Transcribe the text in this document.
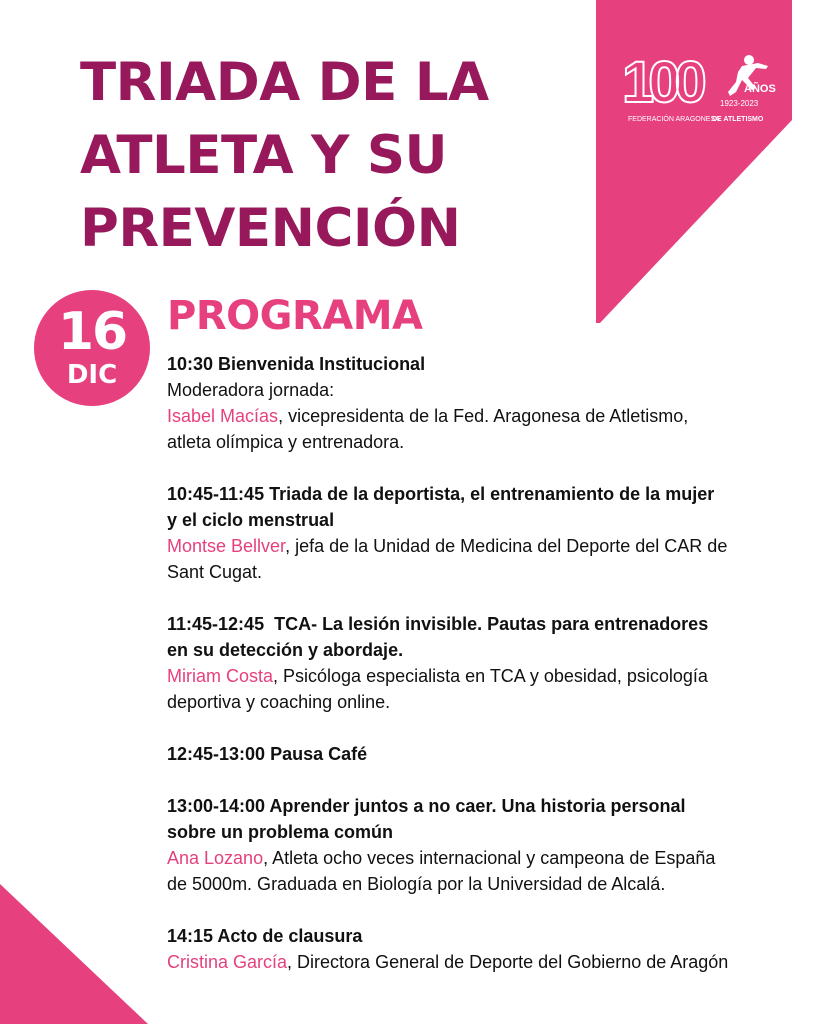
100	AÑOS
1923-2023
FEDERACIÓN ARAGONESA
DE ATLETISMO
TRIADA DE LA
ATLETA Y SU
PREVENCIÓN
16
DIC
PROGRAMA
10:30 Bienvenida Institucional
Moderadora jornada:
Isabel Macías, vicepresidenta de la Fed. Aragonesa de Atletismo,
atleta olímpica y entrenadora.
10:45-11:45 Triada de la deportista, el entrenamiento de la mujer
y el ciclo menstrual
Montse Bellver, jefa de la Unidad de Medicina del Deporte del CAR de
Sant Cugat.
11:45-12:45  TCA- La lesión invisible. Pautas para entrenadores
en su detección y abordaje.
Miriam Costa, Psicóloga especialista en TCA y obesidad, psicología
deportiva y coaching online.
12:45-13:00 Pausa Café
13:00-14:00 Aprender juntos a no caer. Una historia personal
sobre un problema común
Ana Lozano, Atleta ocho veces internacional y campeona de España
de 5000m. Graduada en Biología por la Universidad de Alcalá.
14:15 Acto de clausura
Cristina García, Directora General de Deporte del Gobierno de Aragón
